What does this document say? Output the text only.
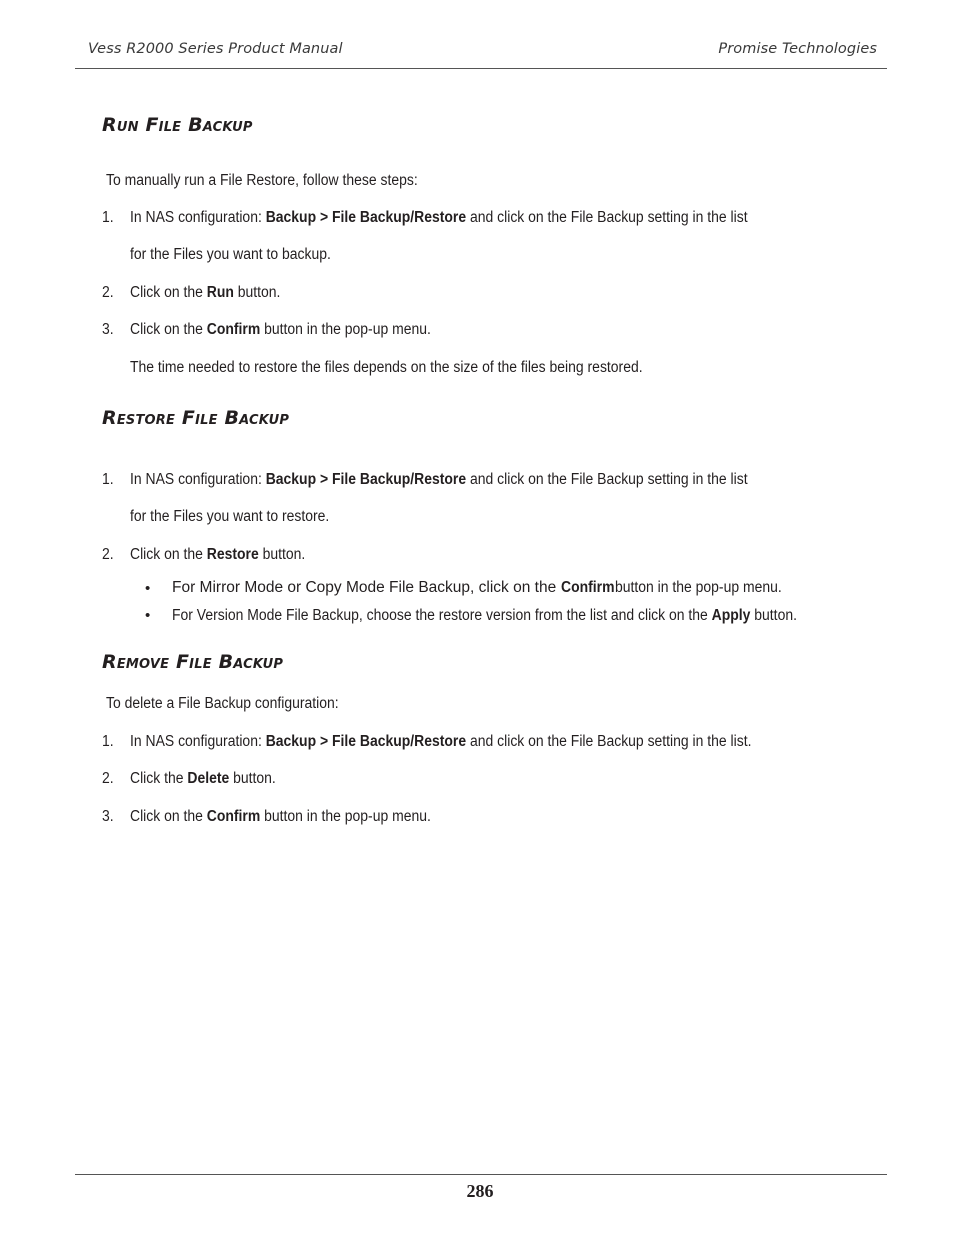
Vess R2000 Series Product Manual	Promise Technologies
Run File Backup
To manually run a File Restore, follow these steps:
1. In NAS configuration: Backup > File Backup/Restore and click on the File Backup setting in the list
for the Files you want to backup.
2. Click on the Run button.
3. Click on the Confirm button in the pop-up menu.
The time needed to restore the files depends on the size of the files being restored.
Restore File Backup
1. In NAS configuration: Backup > File Backup/Restore and click on the File Backup setting in the list
for the Files you want to restore.
2. Click on the Restore button.
• For Mirror Mode or Copy Mode File Backup, click on the Confirmbutton in the pop-up menu.
• For Version Mode File Backup, choose the restore version from the list and click on the Apply button.
Remove File Backup
To delete a File Backup configuration:
1. In NAS configuration: Backup > File Backup/Restore and click on the File Backup setting in the list.
2. Click the Delete button.
3. Click on the Confirm button in the pop-up menu.
286
